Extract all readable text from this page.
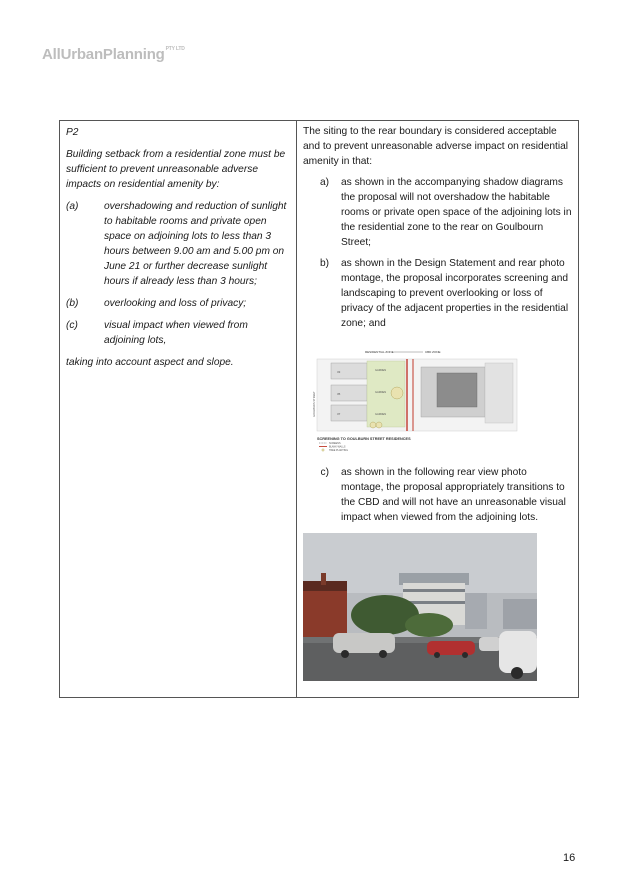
AllUrbanPlanning$^{PTY LTD}$

P2

Building setback from a residential zone must be sufficient to prevent unreasonable adverse impacts on residential amenity by:

(a)	overshadowing and reduction of sunlight to habitable rooms and private open space on adjoining lots to less than 3 hours between 9.00 am and 5.00 pm on June 21 or further decrease sunlight hours if already less than 3 hours;
(b)	overlooking and loss of privacy;
(c)	visual impact when viewed from adjoining lots,

taking into account aspect and slope.

The siting to the rear boundary is considered acceptable and to prevent unreasonable adverse impact on residential amenity in that:

a)	as shown in the accompanying shadow diagrams the proposal will not overshadow the habitable rooms or private open space of the adjoining lots in the residential zone to the rear on Goulbourn Street;
b)	as shown in the Design Statement and rear photo montage, the proposal incorporates screening and landscaping to prevent overlooking or loss of privacy of the adjacent properties in the residential zone; and
RESIDENTIAL ZONE	CBD ZONE
33
35
37
GARDEN
GARDEN
GARDEN
GOULBURN STREET
SCREENING TO GOULBURN STREET RESIDENCES
SCREENS
BLANK WALLS
TREE PLANTING
c)	as shown in the following rear view photo montage, the proposal appropriately transitions to the CBD and will not have an unreasonable visual impact when viewed from the adjoining lots.
16
